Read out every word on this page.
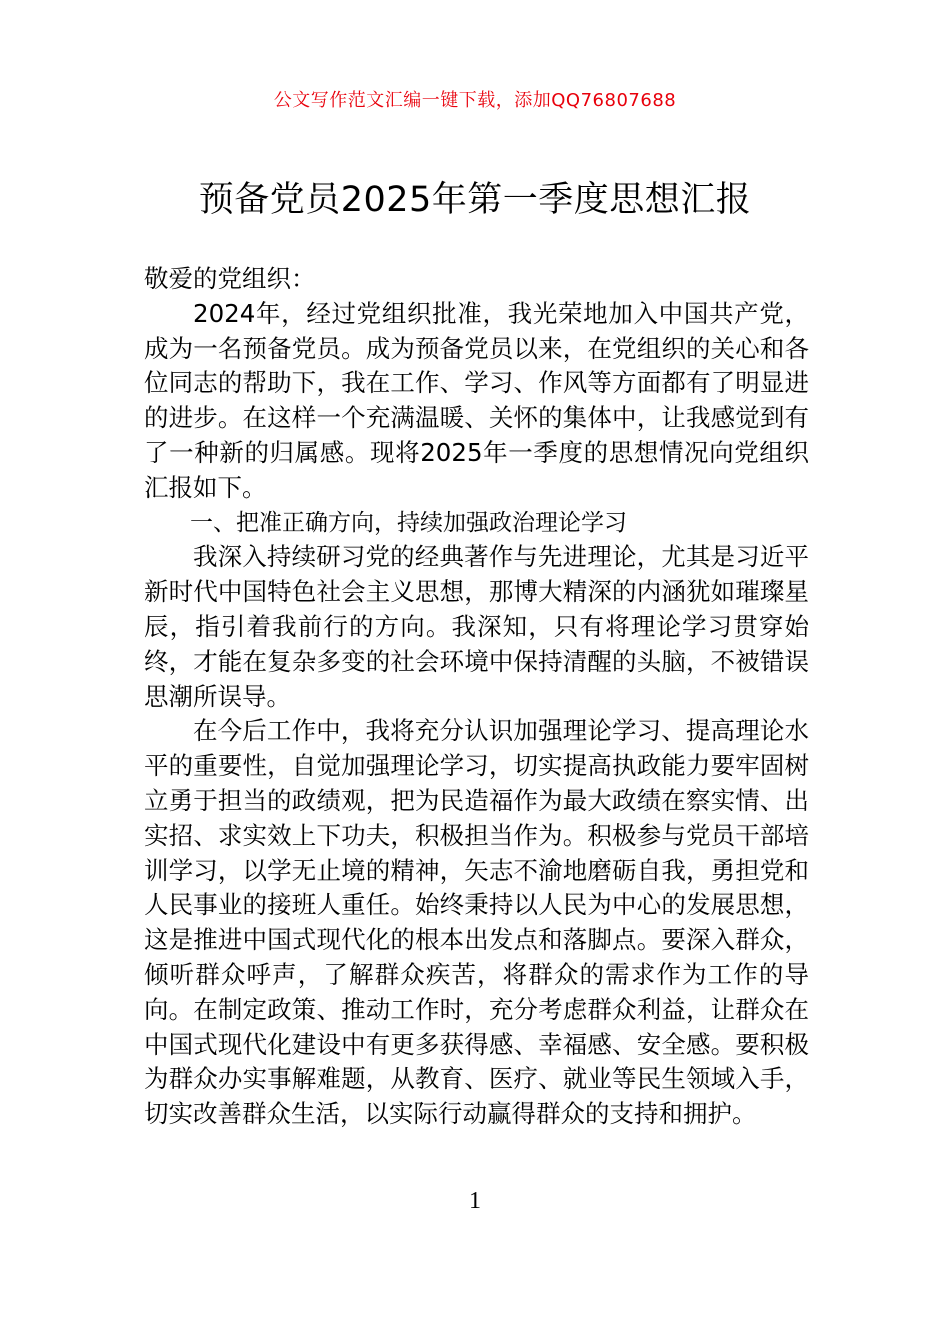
公文写作范文汇编一键下载，添加QQ76807688
预备党员2025年第一季度思想汇报

敬爱的党组织：

2024年，经过党组织批准，我光荣地加入中国共产党，成为一名预备党员。成为预备党员以来，在党组织的关心和各位同志的帮助下，我在工作、学习、作风等方面都有了明显进的进步。在这样一个充满温暖、关怀的集体中，让我感觉到有了一种新的归属感。现将2025年一季度的思想情况向党组织汇报如下。

一、把准正确方向，持续加强政治理论学习

我深入持续研习党的经典著作与先进理论，尤其是习近平新时代中国特色社会主义思想，那博大精深的内涵犹如璀璨星辰，指引着我前行的方向。我深知，只有将理论学习贯穿始终，才能在复杂多变的社会环境中保持清醒的头脑，不被错误思潮所误导。

在今后工作中，我将充分认识加强理论学习、提高理论水平的重要性，自觉加强理论学习，切实提高执政能力要牢固树立勇于担当的政绩观，把为民造福作为最大政绩在察实情、出实招、求实效上下功夫，积极担当作为。积极参与党员干部培训学习，以学无止境的精神，矢志不渝地磨砺自我，勇担党和人民事业的接班人重任。始终秉持以人民为中心的发展思想，这是推进中国式现代化的根本出发点和落脚点。要深入群众，倾听群众呼声，了解群众疾苦，将群众的需求作为工作的导向。在制定政策、推动工作时，充分考虑群众利益，让群众在中国式现代化建设中有更多获得感、幸福感、安全感。要积极为群众办实事解难题，从教育、医疗、就业等民生领域入手，切实改善群众生活，以实际行动赢得群众的支持和拥护。

1
